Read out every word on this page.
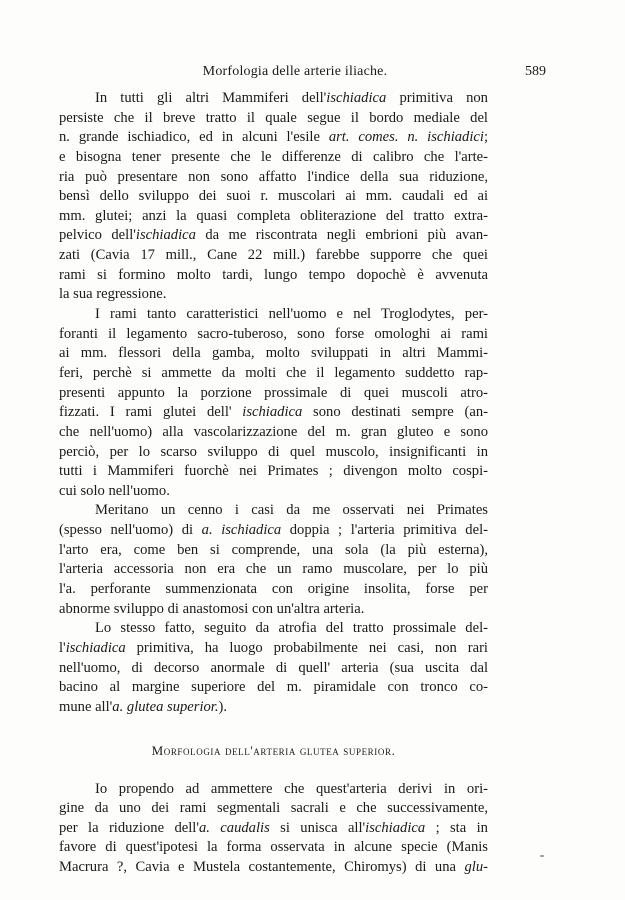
Morfologia delle arterie iliache.	589
In tutti gli altri Mammiferi dell'ischiadica primitiva non
persiste che il breve tratto il quale segue il bordo mediale del
n. grande ischiadico, ed in alcuni l'esile art. comes. n. ischiadici;
e bisogna tener presente che le differenze di calibro che l'arte-
ria può presentare non sono affatto l'indice della sua riduzione,
bensì dello sviluppo dei suoi r. muscolari ai mm. caudali ed ai
mm. glutei; anzi la quasi completa obliterazione del tratto extra-
pelvico dell'ischiadica da me riscontrata negli embrioni più avan-
zati (Cavia 17 mill., Cane 22 mill.) farebbe supporre che quei
rami si formino molto tardi, lungo tempo dopochè è avvenuta
la sua regressione.
I rami tanto caratteristici nell'uomo e nel Troglodytes, per-
foranti il legamento sacro-tuberoso, sono forse omologhi ai rami
ai mm. flessori della gamba, molto sviluppati in altri Mammi-
feri, perchè si ammette da molti che il legamento suddetto rap-
presenti appunto la porzione prossimale di quei muscoli atro-
fizzati. I rami glutei dell' ischiadica sono destinati sempre (an-
che nell'uomo) alla vascolarizzazione del m. gran gluteo e sono
perciò, per lo scarso sviluppo di quel muscolo, insignificanti in
tutti i Mammiferi fuorchè nei Primates ; divengon molto cospi-
cui solo nell'uomo.
Meritano un cenno i casi da me osservati nei Primates
(spesso nell'uomo) di a. ischiadica doppia ; l'arteria primitiva del-
l'arto era, come ben si comprende, una sola (la più esterna),
l'arteria accessoria non era che un ramo muscolare, per lo più
l'a. perforante summenzionata con origine insolita, forse per
abnorme sviluppo di anastomosi con un'altra arteria.
Lo stesso fatto, seguito da atrofia del tratto prossimale del-
l'ischiadica primitiva, ha luogo probabilmente nei casi, non rari
nell'uomo, di decorso anormale di quell' arteria (sua uscita dal
bacino al margine superiore del m. piramidale con tronco co-
mune all'a. glutea superior.).
Morfologia dell'arteria glutea superior.
Io propendo ad ammettere che quest'arteria derivi in ori-
gine da uno dei rami segmentali sacrali e che successivamente,
per la riduzione dell'a. caudalis si unisca all'ischiadica ; sta in
favore di quest'ipotesi la forma osservata in alcune specie (Manis
Macrura ?, Cavia e Mustela costantemente, Chiromys) di una glu-
